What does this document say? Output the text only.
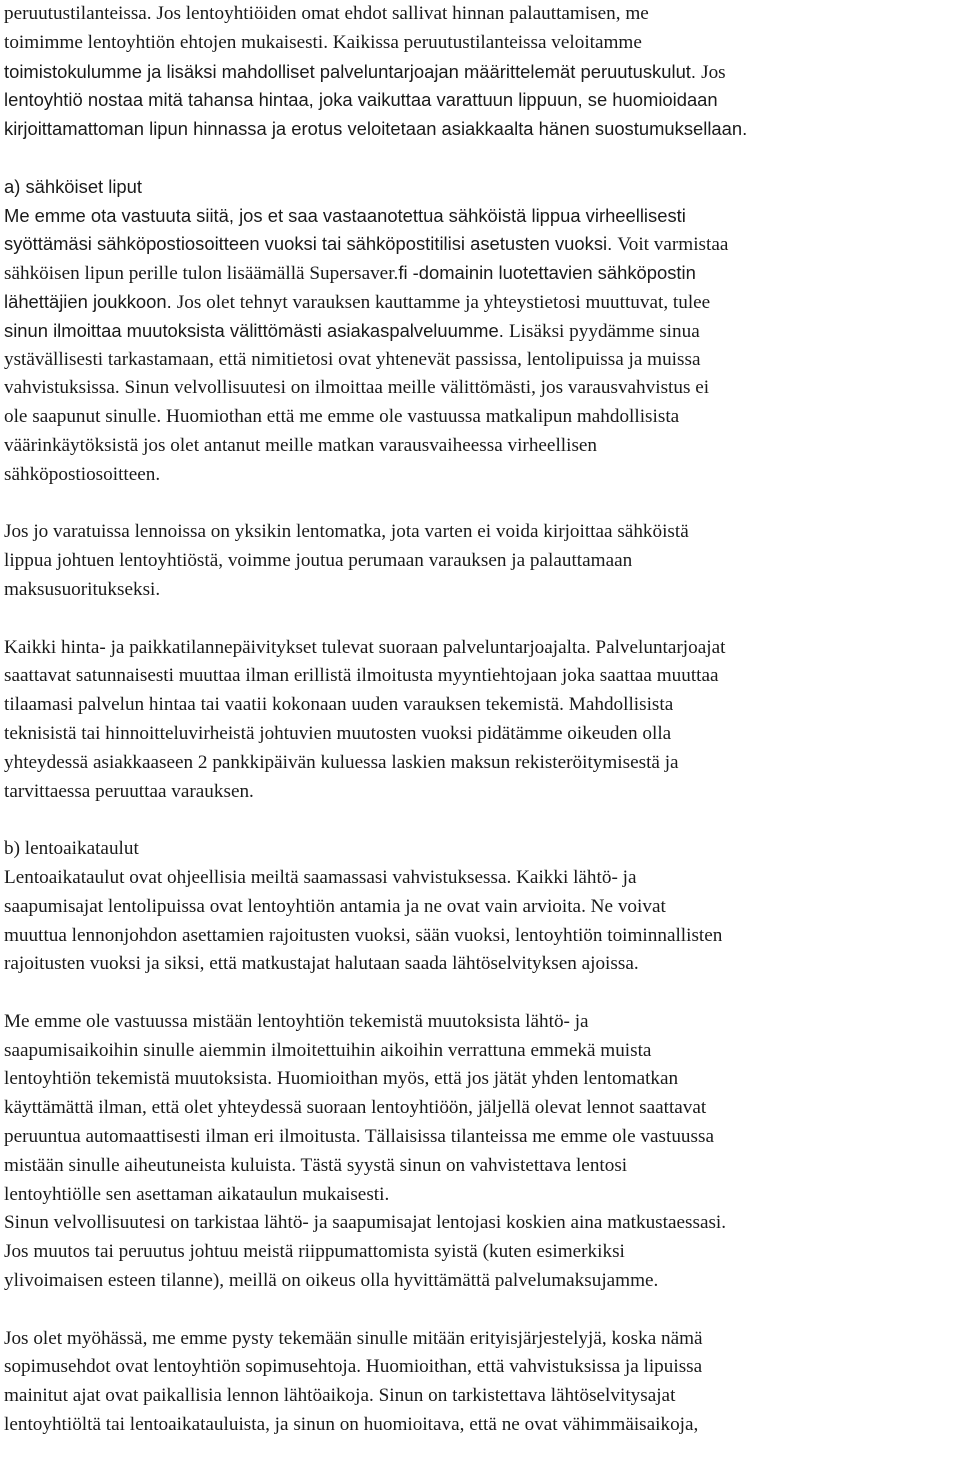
peruutustilanteissa. Jos lentoyhtiöiden omat ehdot sallivat hinnan palauttamisen, me
toimimme lentoyhtiön ehtojen mukaisesti. Kaikissa peruutustilanteissa veloitamme
toimistokulumme ja lisäksi mahdolliset palveluntarjoajan määrittelemät peruutuskulut. Jos
lentoyhtiö nostaa mitä tahansa hintaa, joka vaikuttaa varattuun lippuun, se huomioidaan
kirjoittamattoman lipun hinnassa ja erotus veloitetaan asiakkaalta hänen suostumuksellaan.
a) sähköiset liput
Me emme ota vastuuta siitä, jos et saa vastaanotettua sähköistä lippua virheellisesti
syöttämäsi sähköpostiosoitteen vuoksi tai sähköpostitilisi asetusten vuoksi. Voit varmistaa
sähköisen lipun perille tulon lisäämällä Supersaver.fi -domainin luotettavien sähköpostin
lähettäjien joukkoon. Jos olet tehnyt varauksen kauttamme ja yhteystietosi muuttuvat, tulee
sinun ilmoittaa muutoksista välittömästi asiakaspalveluumme. Lisäksi pyydämme sinua
ystävällisesti tarkastamaan, että nimitietosi ovat yhtenevät passissa, lentolipuissa ja muissa
vahvistuksissa. Sinun velvollisuutesi on ilmoittaa meille välittömästi, jos varausvahvistus ei
ole saapunut sinulle. Huomiothan että me emme ole vastuussa matkalipun mahdollisista
väärinkäytöksistä jos olet antanut meille matkan varausvaiheessa virheellisen
sähköpostiosoitteen.
Jos jo varatuissa lennoissa on yksikin lentomatka, jota varten ei voida kirjoittaa sähköistä
lippua johtuen lentoyhtiöstä, voimme joutua perumaan varauksen ja palauttamaan
maksusuoritukseksi.
Kaikki hinta- ja paikkatilannepäivitykset tulevat suoraan palveluntarjoajalta. Palveluntarjoajat
saattavat satunnaisesti muuttaa ilman erillistä ilmoitusta myyntiehtojaan joka saattaa muuttaa
tilaamasi palvelun hintaa tai vaatii kokonaan uuden varauksen tekemistä. Mahdollisista
teknisistä tai hinnoitteluvirheistä johtuvien muutosten vuoksi pidätämme oikeuden olla
yhteydessä asiakkaaseen 2 pankkipäivän kuluessa laskien maksun rekisteröitymisestä ja
tarvittaessa peruuttaa varauksen.
b) lentoaikataulut
Lentoaikataulut ovat ohjeellisia meiltä saamassasi vahvistuksessa. Kaikki lähtö- ja
saapumisajat lentolipuissa ovat lentoyhtiön antamia ja ne ovat vain arvioita. Ne voivat
muuttua lennonjohdon asettamien rajoitusten vuoksi, sään vuoksi, lentoyhtiön toiminnallisten
rajoitusten vuoksi ja siksi, että matkustajat halutaan saada lähtöselvityksen ajoissa.
Me emme ole vastuussa mistään lentoyhtiön tekemistä muutoksista lähtö- ja
saapumisaikoihin sinulle aiemmin ilmoitettuihin aikoihin verrattuna emmekä muista
lentoyhtiön tekemistä muutoksista. Huomioithan myös, että jos jätät yhden lentomatkan
käyttämättä ilman, että olet yhteydessä suoraan lentoyhtiöön, jäljellä olevat lennot saattavat
peruuntua automaattisesti ilman eri ilmoitusta. Tällaisissa tilanteissa me emme ole vastuussa
mistään sinulle aiheutuneista kuluista. Tästä syystä sinun on vahvistettava lentosi
lentoyhtiölle sen asettaman aikataulun mukaisesti.
Sinun velvollisuutesi on tarkistaa lähtö- ja saapumisajat lentojasi koskien aina matkustaessasi.
Jos muutos tai peruutus johtuu meistä riippumattomista syistä (kuten esimerkiksi
ylivoimaisen esteen tilanne), meillä on oikeus olla hyvittämättä palvelumaksujamme.
Jos olet myöhässä, me emme pysty tekemään sinulle mitään erityisjärjestelyjä, koska nämä
sopimusehdot ovat lentoyhtiön sopimusehtoja. Huomioithan, että vahvistuksissa ja lipuissa
mainitut ajat ovat paikallisia lennon lähtöaikoja. Sinun on tarkistettava lähtöselvitysajat
lentoyhtiöltä tai lentoaikatauluista, ja sinun on huomioitava, että ne ovat vähimmäisaikoja,
